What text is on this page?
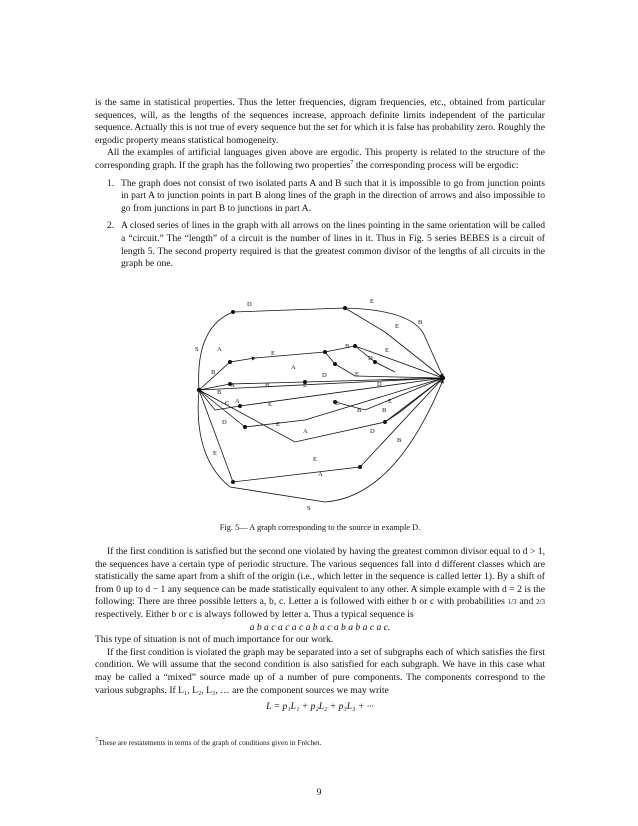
is the same in statistical properties. Thus the letter frequencies, digram frequencies, etc., obtained from particular sequences, will, as the lengths of the sequences increase, approach definite limits independent of the particular sequence. Actually this is not true of every sequence but the set for which it is false has probability zero. Roughly the ergodic property means statistical homogeneity.

All the examples of artificial languages given above are ergodic. This property is related to the structure of the corresponding graph. If the graph has the following two properties$^7$ the corresponding process will be ergodic:

1. The graph does not consist of two isolated parts A and B such that it is impossible to go from junction points in part A to junction points in part B along lines of the graph in the direction of arrows and also impossible to go from junctions in part B to junctions in part A.

2. A closed series of lines in the graph with all arrows on the lines pointing in the same orientation will be called a “circuit.” The “length” of a circuit is the number of lines in it. Thus in Fig. 5 series BEBES is a circuit of length 5. The second property required is that the greatest common divisor of the lengths of all circuits in the graph be one.

D	E
E
B
S	A
E
B
B
D
E
A
D	E
D
B
S
B
E
C A	E	E
B
E
B
D
D
E
A
B
E
E
A
S
Fig. 5— A graph corresponding to the source in example D.

If the first condition is satisfied but the second one violated by having the greatest common divisor equal to d > 1, the sequences have a certain type of periodic structure. The various sequences fall into d different classes which are statistically the same apart from a shift of the origin (i.e., which letter in the sequence is called letter 1). By a shift of from 0 up to d − 1 any sequence can be made statistically equivalent to any other. A simple example with d = 2 is the following: There are three possible letters a, b, c. Letter a is followed with either b or c with probabilities 1/3 and 2/3 respectively. Either b or c is always followed by letter a. Thus a typical sequence is

a b a c a c a c a b a c a b a b a c a c.

This type of situation is not of much importance for our work.

If the first condition is violated the graph may be separated into a set of subgraphs each of which satisfies the first condition. We will assume that the second condition is also satisfied for each subgraph. We have in this case what may be called a “mixed” source made up of a number of pure components. The components correspond to the various subgraphs. If L₁, L₂, L₃, … are the component sources we may write

L = p₁L₁ + p₂L₂ + p₃L₃ + ···
$^7$These are restatements in terms of the graph of conditions given in Fréchet.
9
